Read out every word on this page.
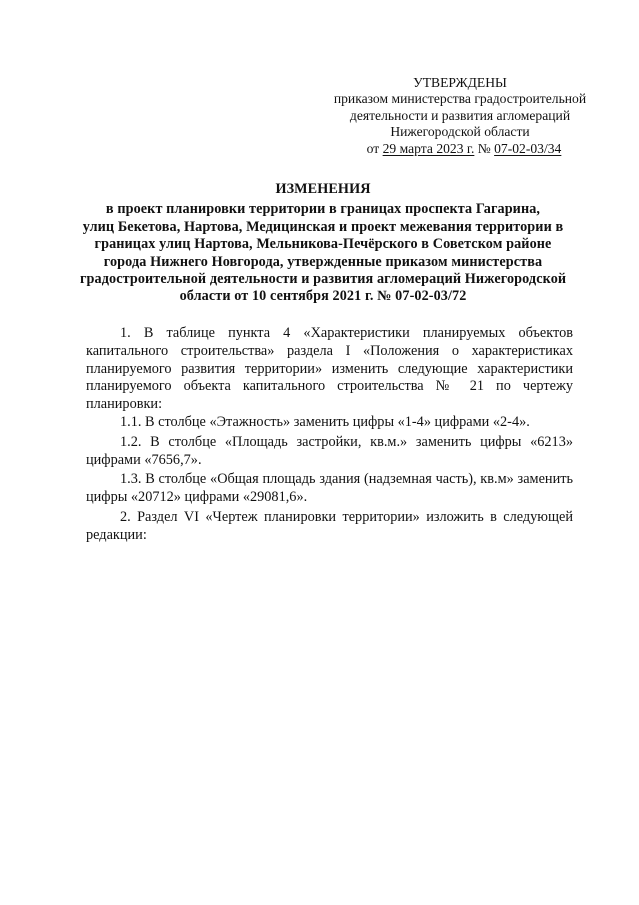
УТВЕРЖДЕНЫ
приказом министерства градостроительной
деятельности и развития агломераций
Нижегородской области
от 29 марта 2023 г. № 07-02-03/34
ИЗМЕНЕНИЯ
в проект планировки территории в границах проспекта Гагарина,
улиц Бекетова, Нартова, Медицинская и проект межевания территории в
границах улиц Нартова, Мельникова-Печёрского в Советском районе
города Нижнего Новгорода, утвержденные приказом министерства
градостроительной деятельности и развития агломераций Нижегородской
области от 10 сентября 2021 г. № 07-02-03/72

1. В таблице пункта 4 «Характеристики планируемых объектов
капитального строительства» раздела I «Положения о характеристиках
планируемого развития территории» изменить следующие характеристики
планируемого объекта капитального строительства № 21 по чертежу
планировки:

1.1. В столбце «Этажность» заменить цифры «1-4» цифрами «2-4».

1.2. В столбце «Площадь застройки, кв.м.» заменить цифры «6213»
цифрами «7656,7».

1.3. В столбце «Общая площадь здания (надземная часть), кв.м» заменить
цифры «20712» цифрами «29081,6».

2. Раздел VI «Чертеж планировки территории» изложить в следующей
редакции:
